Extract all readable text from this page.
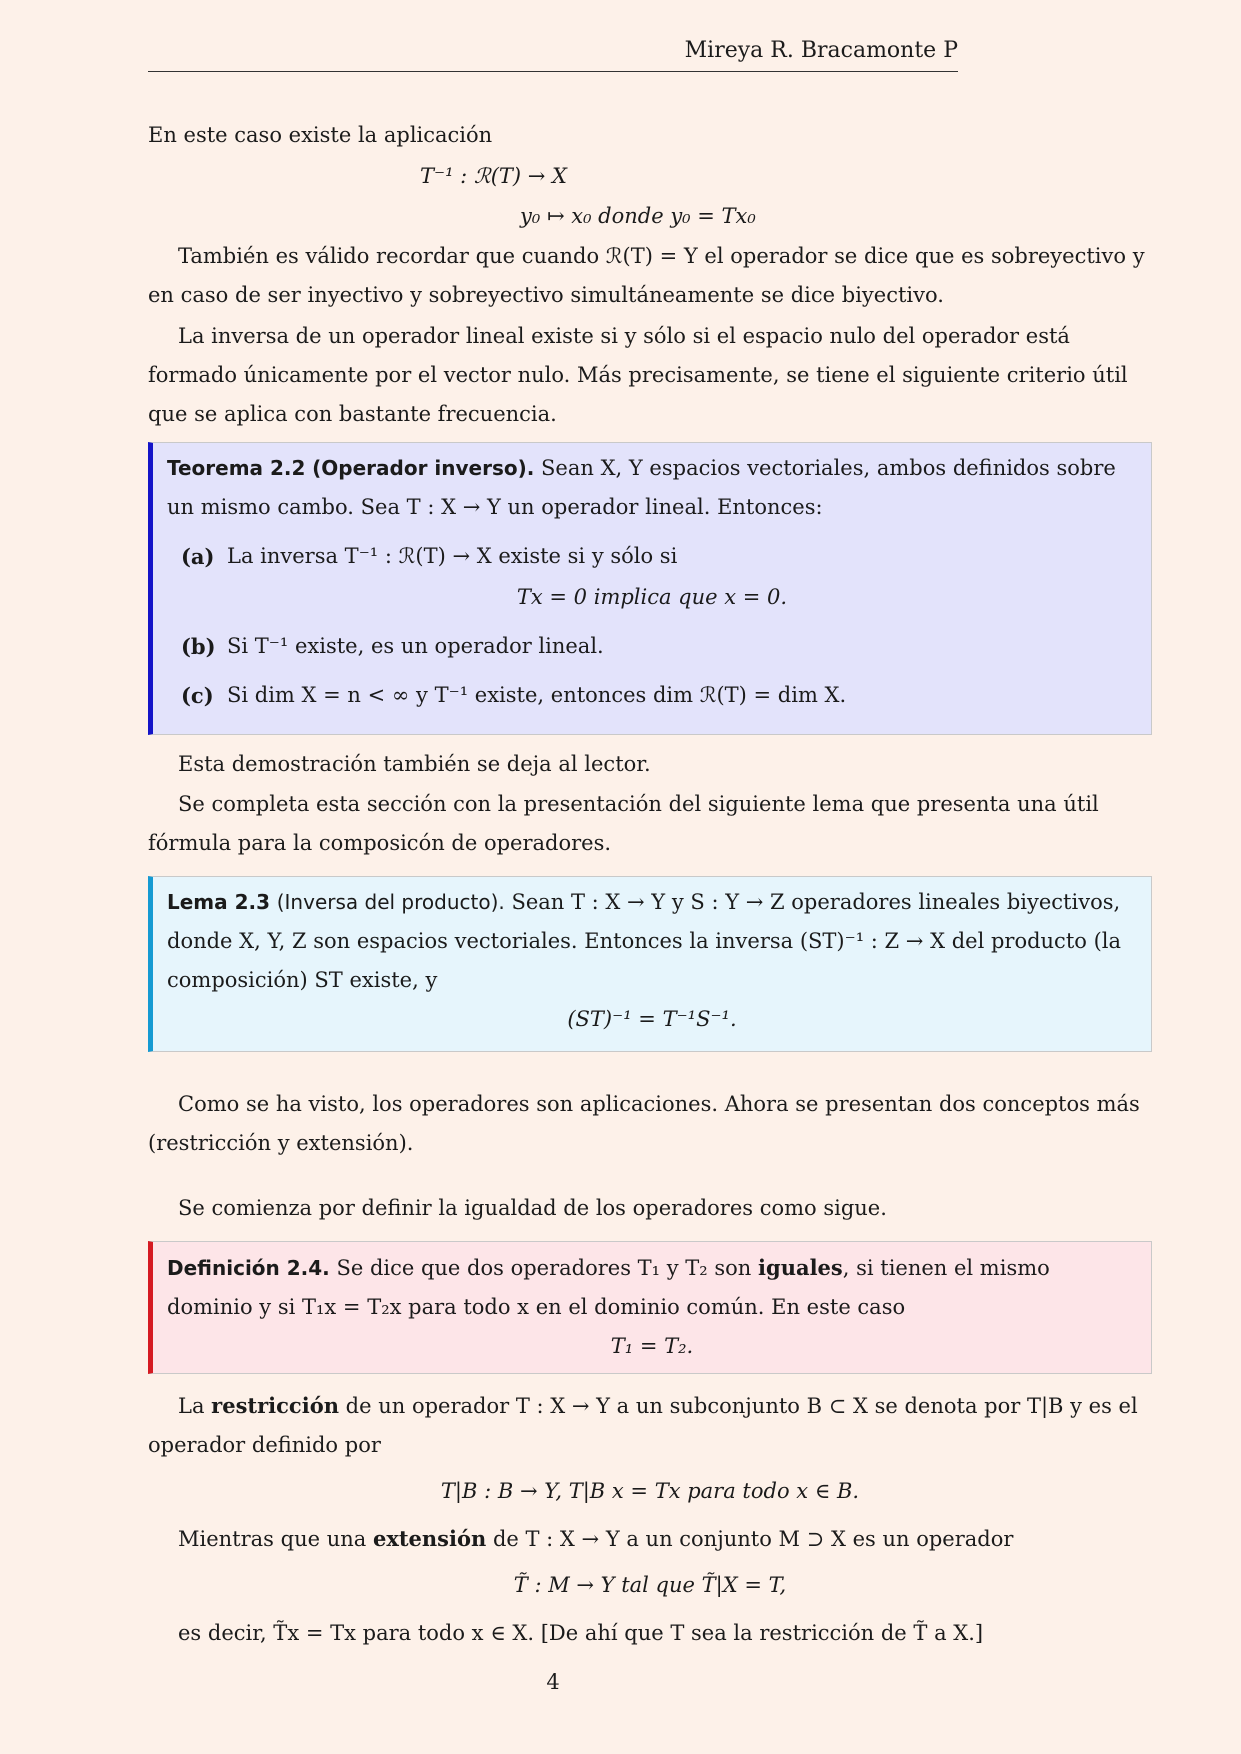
Mireya R. Bracamonte P
En este caso existe la aplicación
T⁻¹ : ℛ(T) → X
y₀ ↦ x₀ donde y₀ = Tx₀
También es válido recordar que cuando ℛ(T) = Y el operador se dice que es sobreyectivo y en caso de ser inyectivo y sobreyectivo simultáneamente se dice biyectivo.
La inversa de un operador lineal existe si y sólo si el espacio nulo del operador está formado únicamente por el vector nulo. Más precisamente, se tiene el siguiente criterio útil que se aplica con bastante frecuencia.
Teorema 2.2 (Operador inverso). Sean X, Y espacios vectoriales, ambos definidos sobre un mismo cambo. Sea T : X → Y un operador lineal. Entonces:
(a) La inversa T⁻¹ : ℛ(T) → X existe si y sólo si
Tx = 0 implica que x = 0.
(b) Si T⁻¹ existe, es un operador lineal.
(c) Si dim X = n < ∞ y T⁻¹ existe, entonces dim ℛ(T) = dim X.
Esta demostración también se deja al lector.
Se completa esta sección con la presentación del siguiente lema que presenta una útil fórmula para la composicón de operadores.
Lema 2.3 (Inversa del producto). Sean T : X → Y y S : Y → Z operadores lineales biyectivos, donde X, Y, Z son espacios vectoriales. Entonces la inversa (ST)⁻¹ : Z → X del producto (la composición) ST existe, y
(ST)⁻¹ = T⁻¹S⁻¹.
Como se ha visto, los operadores son aplicaciones. Ahora se presentan dos conceptos más (restricción y extensión).
Se comienza por definir la igualdad de los operadores como sigue.
Definición 2.4. Se dice que dos operadores T₁ y T₂ son iguales, si tienen el mismo dominio y si T₁x = T₂x para todo x en el dominio común. En este caso
T₁ = T₂.
La restricción de un operador T : X → Y a un subconjunto B ⊂ X se denota por T|B y es el operador definido por
T|B : B → Y, T|B x = Tx para todo x ∈ B.
Mientras que una extensión de T : X → Y a un conjunto M ⊃ X es un operador
T̃ : M → Y tal que T̃|X = T,
es decir, T̃x = Tx para todo x ∈ X. [De ahí que T sea la restricción de T̃ a X.]
4
